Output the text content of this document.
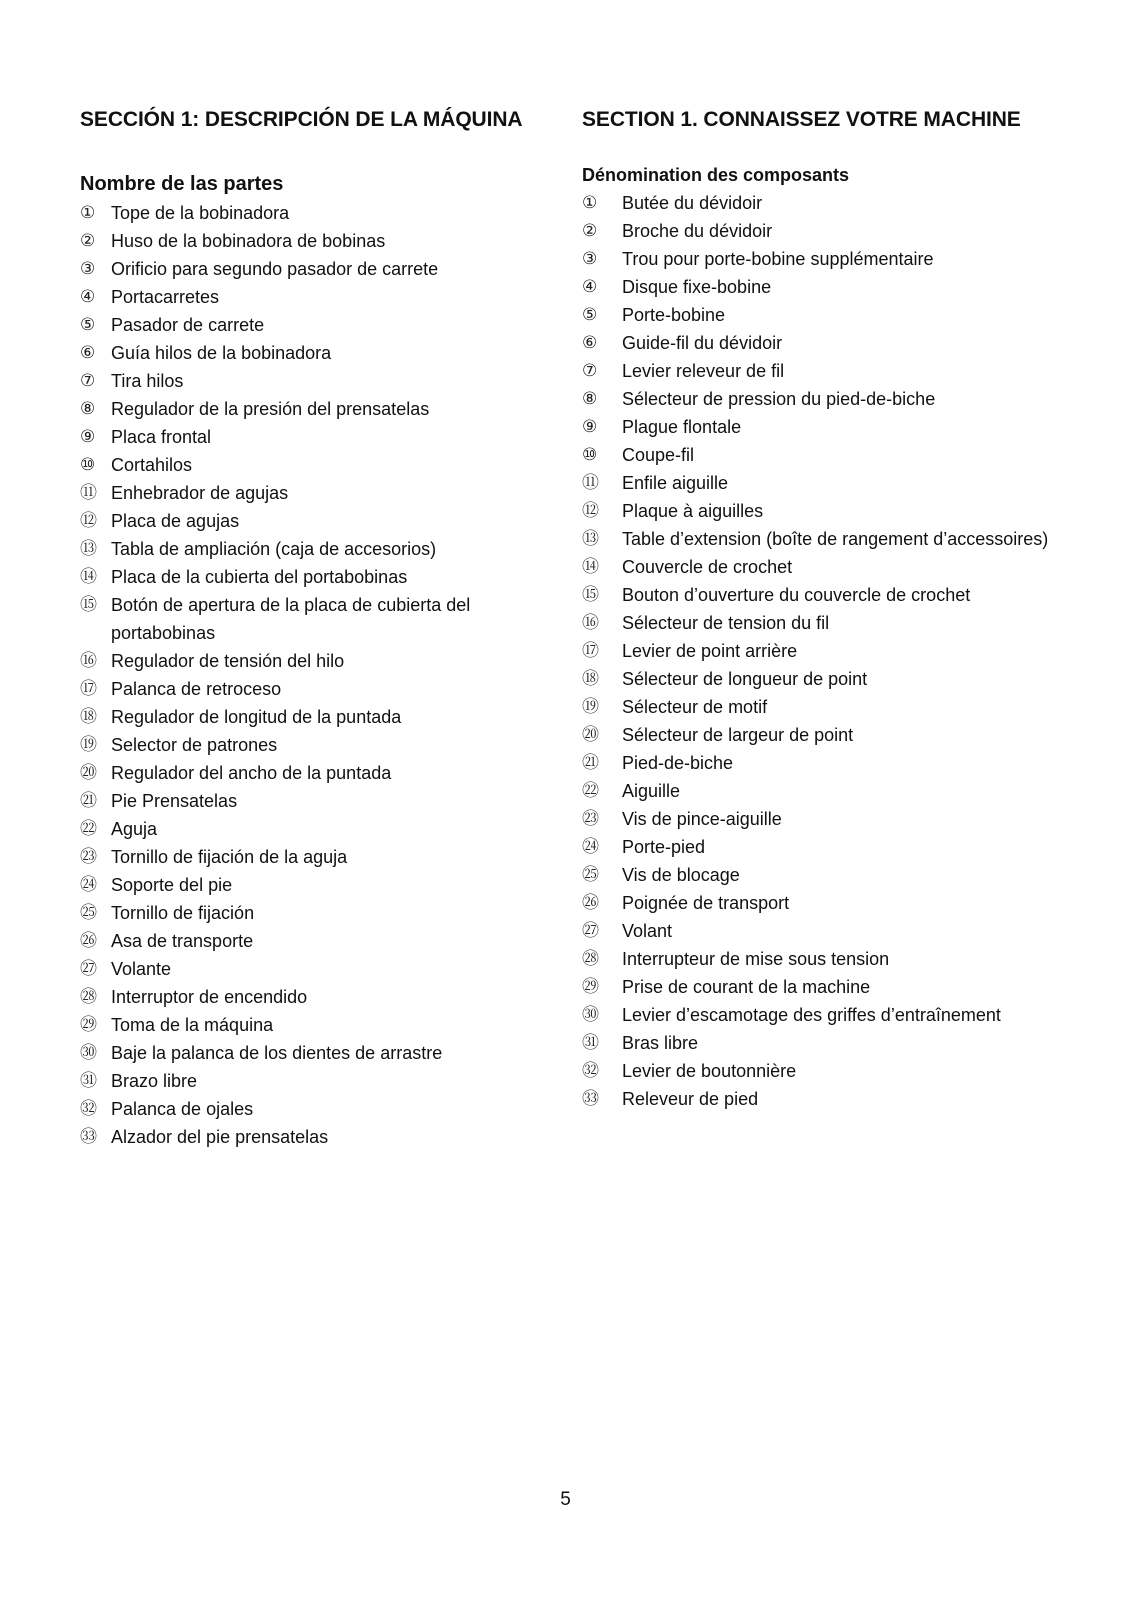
SECCIÓN 1: DESCRIPCIÓN DE LA MÁQUINA	SECTION 1. CONNAISSEZ VOTRE MACHINE
Nombre de las partes
① Tope de la bobinadora
② Huso de la bobinadora de bobinas
③ Orificio para segundo pasador de carrete
④ Portacarretes
⑤ Pasador de carrete
⑥ Guía hilos de la bobinadora
⑦ Tira hilos
⑧ Regulador de la presión del prensatelas
⑨ Placa frontal
⑩ Cortahilos
⑪ Enhebrador de agujas
⑫ Placa de agujas
⑬ Tabla de ampliación (caja de accesorios)
⑭ Placa de la cubierta del portabobinas
⑮ Botón de apertura de la placa de cubierta del portabobinas
⑯ Regulador de tensión del hilo
⑰ Palanca de retroceso
⑱ Regulador de longitud de la puntada
⑲ Selector de patrones
⑳ Regulador del ancho de la puntada
㉑ Pie Prensatelas
㉒ Aguja
㉓ Tornillo de fijación de la aguja
㉔ Soporte del pie
㉕ Tornillo de fijación
㉖ Asa de transporte
㉗ Volante
㉘ Interruptor de encendido
㉙ Toma de la máquina
㉚ Baje la palanca de los dientes de arrastre
㉛ Brazo libre
㉜ Palanca de ojales
㉝ Alzador del pie prensatelas
Dénomination des composants
①	Butée du dévidoir
②	Broche du dévidoir
③	Trou pour porte-bobine supplémentaire
④	Disque fixe-bobine
⑤	Porte-bobine
⑥	Guide-fil du dévidoir
⑦	Levier releveur de fil
⑧	Sélecteur de pression du pied-de-biche
⑨	Plague flontale
⑩	Coupe-fil
⑪	Enfile aiguille
⑫	Plaque à aiguilles
⑬	Table d’extension (boîte de rangement d’accessoires)
⑭	Couvercle de crochet
⑮	Bouton d’ouverture du couvercle de crochet
⑯	Sélecteur de tension du fil
⑰	Levier de point arrière
⑱	Sélecteur de longueur de point
⑲	Sélecteur de motif
⑳	Sélecteur de largeur de point
㉑	Pied-de-biche
㉒	Aiguille
㉓	Vis de pince-aiguille
㉔	Porte-pied
㉕	Vis de blocage
㉖	Poignée de transport
㉗	Volant
㉘	Interrupteur de mise sous tension
㉙	Prise de courant de la machine
㉚	Levier d’escamotage des griffes d’entraînement
㉛	Bras libre
㉜	Levier de boutonnière
㉝	Releveur de pied
5
